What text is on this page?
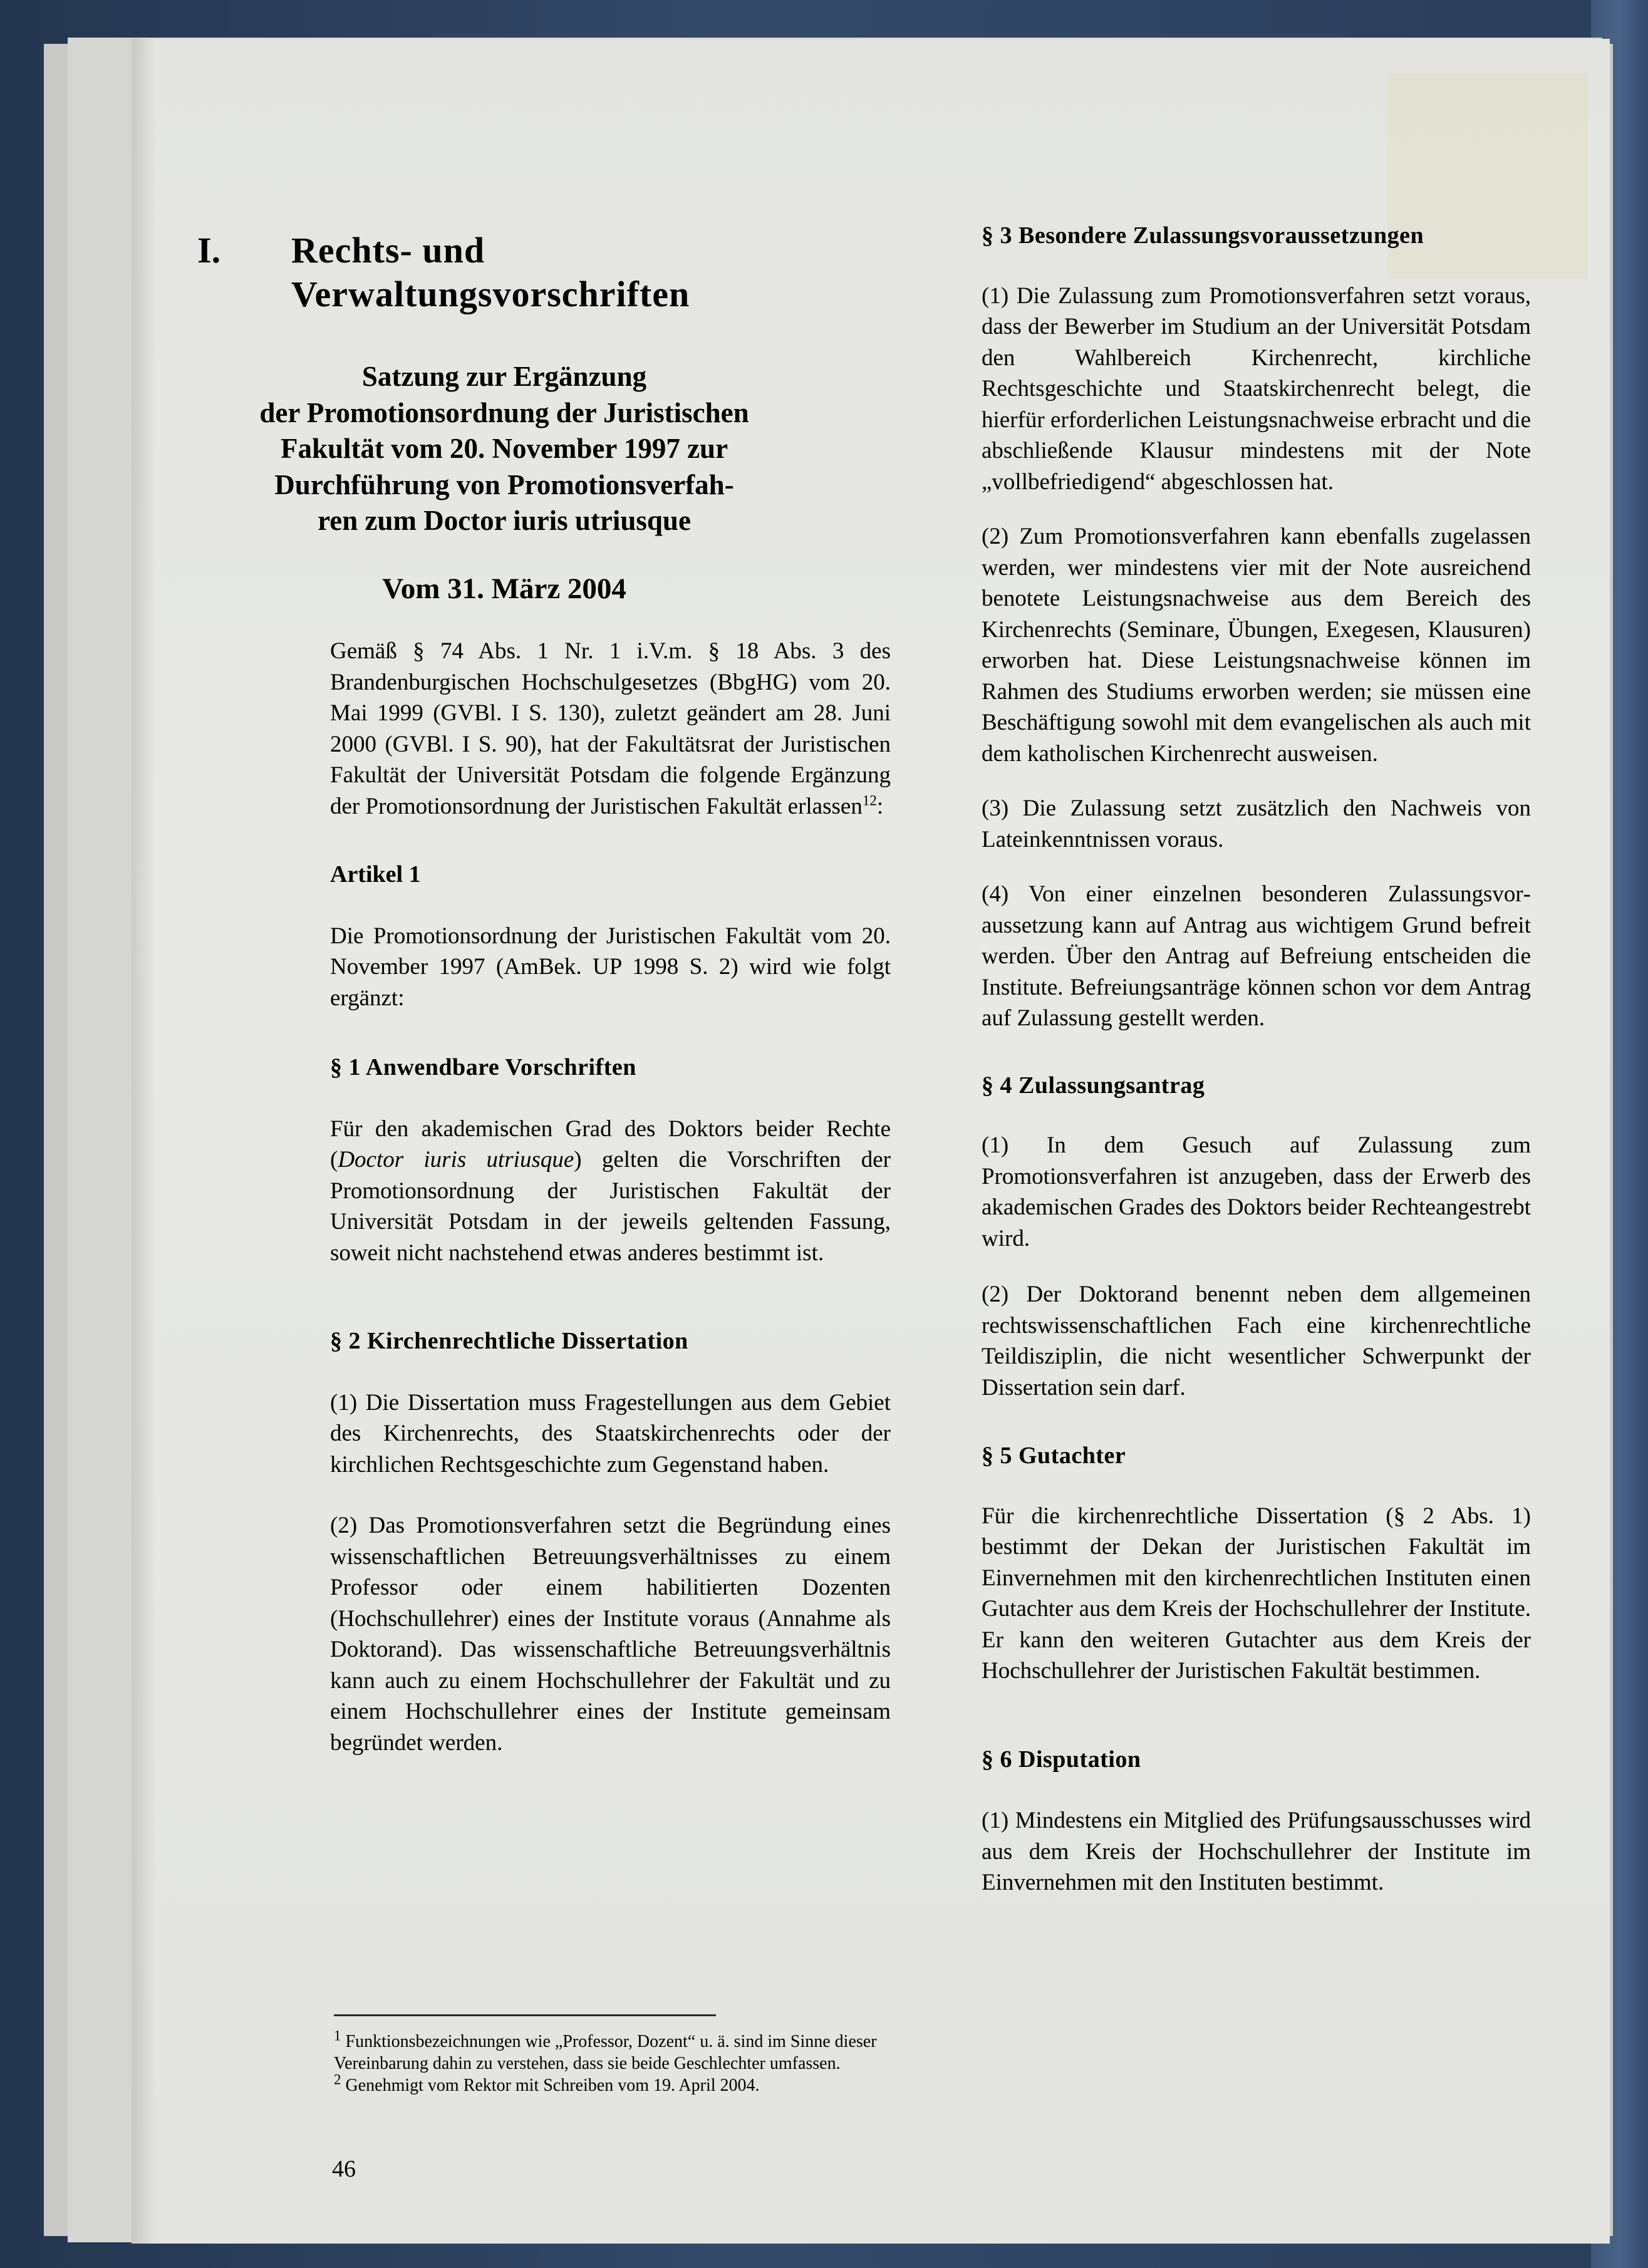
I.	Rechts- und Verwaltungsvorschriften
Satzung zur Ergänzung
der Promotionsordnung der Juristischen
Fakultät vom 20. November 1997 zur
Durchführung von Promotionsverfah-
ren zum Doctor iuris utriusque
Vom 31. März 2004
Gemäß § 74 Abs. 1 Nr. 1 i.V.m. § 18 Abs. 3 des Brandenburgischen Hochschulgesetzes (BbgHG) vom 20. Mai 1999 (GVBl. I S. 130), zuletzt geändert am 28. Juni 2000 (GVBl. I S. 90), hat der Fakultätsrat der Juristischen Fakultät der Universität Potsdam die folgende Ergänzung der Promotionsordnung der Juristischen Fakultät erlassen$^{12}$:
Artikel 1
Die Promotionsordnung der Juristischen Fakultät vom 20. November 1997 (AmBek. UP 1998 S. 2) wird wie folgt ergänzt:
§ 1 Anwendbare Vorschriften
Für den akademischen Grad des Doktors beider Rechte (Doctor iuris utriusque) gelten die Vorschriften der Promotionsordnung der Juristischen Fakultät der Universität Potsdam in der jeweils geltenden Fassung, soweit nicht nachstehend etwas anderes bestimmt ist.
§ 2 Kirchenrechtliche Dissertation
(1) Die Dissertation muss Fragestellungen aus dem Gebiet des Kirchenrechts, des Staatskirchenrechts oder der kirchlichen Rechtsgeschichte zum Gegenstand haben.
(2) Das Promotionsverfahren setzt die Begründung eines wissenschaftlichen Betreuungsverhältnisses zu einem Professor oder einem habilitierten Dozenten (Hochschullehrer) eines der Institute voraus (Annahme als Doktorand). Das wissenschaftliche Betreuungsverhältnis kann auch zu einem Hochschullehrer der Fakultät und zu einem Hochschullehrer eines der Institute gemeinsam begründet werden.
§ 3 Besondere Zulassungsvoraussetzungen
(1) Die Zulassung zum Promotionsverfahren setzt voraus, dass der Bewerber im Studium an der Universität Potsdam den Wahlbereich Kirchenrecht, kirchliche Rechtsgeschichte und Staatskirchenrecht belegt, die hierfür erforderlichen Leistungsnachweise erbracht und die abschließende Klausur mindestens mit der Note „vollbefriedigend“ abgeschlossen hat.
(2) Zum Promotionsverfahren kann ebenfalls zugelassen werden, wer mindestens vier mit der Note ausreichend benotete Leistungsnachweise aus dem Bereich des Kirchenrechts (Seminare, Übungen, Exegesen, Klausuren) erworben hat. Diese Leistungsnachweise können im Rahmen des Studiums erworben werden; sie müssen eine Beschäftigung sowohl mit dem evangelischen als auch mit dem katholischen Kirchenrecht ausweisen.
(3) Die Zulassung setzt zusätzlich den Nachweis von Lateinkenntnissen voraus.
(4) Von einer einzelnen besonderen Zulassungsvoraussetzung kann auf Antrag aus wichtigem Grund befreit werden. Über den Antrag auf Befreiung entscheiden die Institute. Befreiungsanträge können schon vor dem Antrag auf Zulassung gestellt werden.
§ 4 Zulassungsantrag
(1) In dem Gesuch auf Zulassung zum Promotionsverfahren ist anzugeben, dass der Erwerb des akademischen Grades des Doktors beider Rechteangestrebt wird.
(2) Der Doktorand benennt neben dem allgemeinen rechtswissenschaftlichen Fach eine kirchenrechtliche Teildisziplin, die nicht wesentlicher Schwerpunkt der Dissertation sein darf.
§ 5 Gutachter
Für die kirchenrechtliche Dissertation (§ 2 Abs. 1) bestimmt der Dekan der Juristischen Fakultät im Einvernehmen mit den kirchenrechtlichen Instituten einen Gutachter aus dem Kreis der Hochschullehrer der Institute. Er kann den weiteren Gutachter aus dem Kreis der Hochschullehrer der Juristischen Fakultät bestimmen.
§ 6 Disputation
(1) Mindestens ein Mitglied des Prüfungsausschusses wird aus dem Kreis der Hochschullehrer der Institute im Einvernehmen mit den Instituten bestimmt.
$^1$ Funktionsbezeichnungen wie „Professor, Dozent“ u. ä. sind im Sinne dieser Vereinbarung dahin zu verstehen, dass sie beide Geschlechter umfassen.
$^2$ Genehmigt vom Rektor mit Schreiben vom 19. April 2004.
46
